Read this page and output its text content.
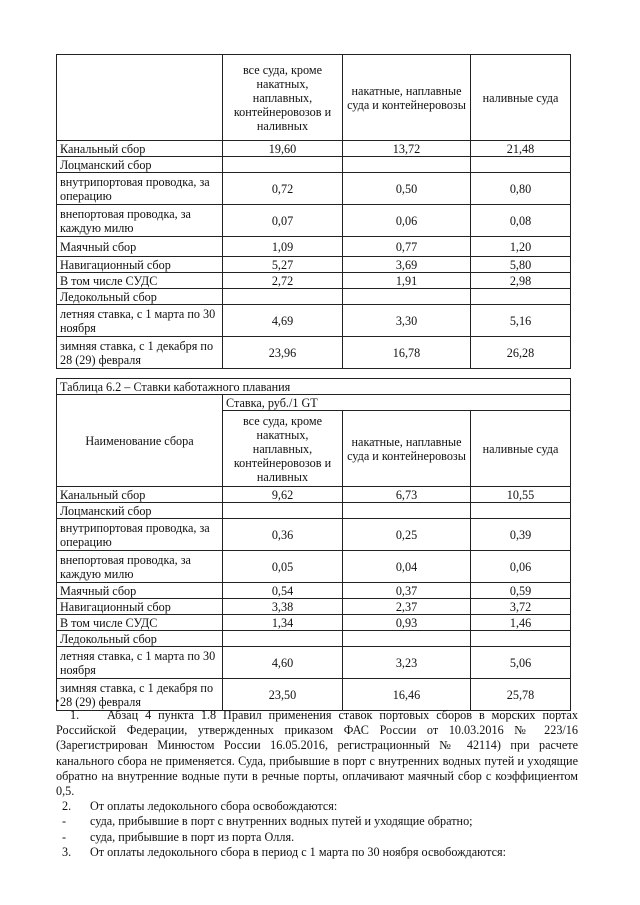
	все суда, кроме накатных, наплавных, контейнеровозов и наливных	накатные, наплавные суда и контейнеровозы	наливные суда
Канальный сбор	19,60	13,72	21,48
Лоцманский сбор			
внутрипортовая проводка, за операцию	0,72	0,50	0,80
внепортовая проводка, за каждую милю	0,07	0,06	0,08
Маячный сбор	1,09	0,77	1,20
Навигационный сбор	5,27	3,69	5,80
В том числе СУДС	2,72	1,91	2,98
Ледокольный сбор			
летняя ставка, с 1 марта по 30 ноября	4,69	3,30	5,16
зимняя ставка, с 1 декабря по 28 (29) февраля	23,96	16,78	26,28
Таблица 6.2 – Ставки каботажного плавания			
Наименование сбора	Ставка, руб./1 GT		
	все суда, кроме накатных, наплавных, контейнеровозов и наливных	накатные, наплавные суда и контейнеровозы	наливные суда
Канальный сбор	9,62	6,73	10,55
Лоцманский сбор			
внутрипортовая проводка, за операцию	0,36	0,25	0,39
внепортовая проводка, за каждую милю	0,05	0,04	0,06
Маячный сбор	0,54	0,37	0,59
Навигационный сбор	3,38	2,37	3,72
В том числе СУДС	1,34	0,93	1,46
Ледокольный сбор			
летняя ставка, с 1 марта по 30 ноября	4,60	3,23	5,06
зимняя ставка, с 1 декабря по 28 (29) февраля	23,50	16,46	25,78
•

1. Абзац 4 пункта 1.8 Правил применения ставок портовых сборов в морских портах Российской Федерации, утвержденных приказом ФАС России от 10.03.2016 № 223/16 (Зарегистрирован Минюстом России 16.05.2016, регистрационный № 42114) при расчете канального сбора не применяется. Суда, прибывшие в порт с внутренних водных путей и уходящие обратно на внутренние водные пути в речные порты, оплачивают маячный сбор с коэффициентом 0,5.

2.	От оплаты ледокольного сбора освобождаются:
-	суда, прибывшие в порт с внутренних водных путей и уходящие обратно;
-	суда, прибывшие в порт из порта Олля.
3.	От оплаты ледокольного сбора в период с 1 марта по 30 ноября освобождаются:
